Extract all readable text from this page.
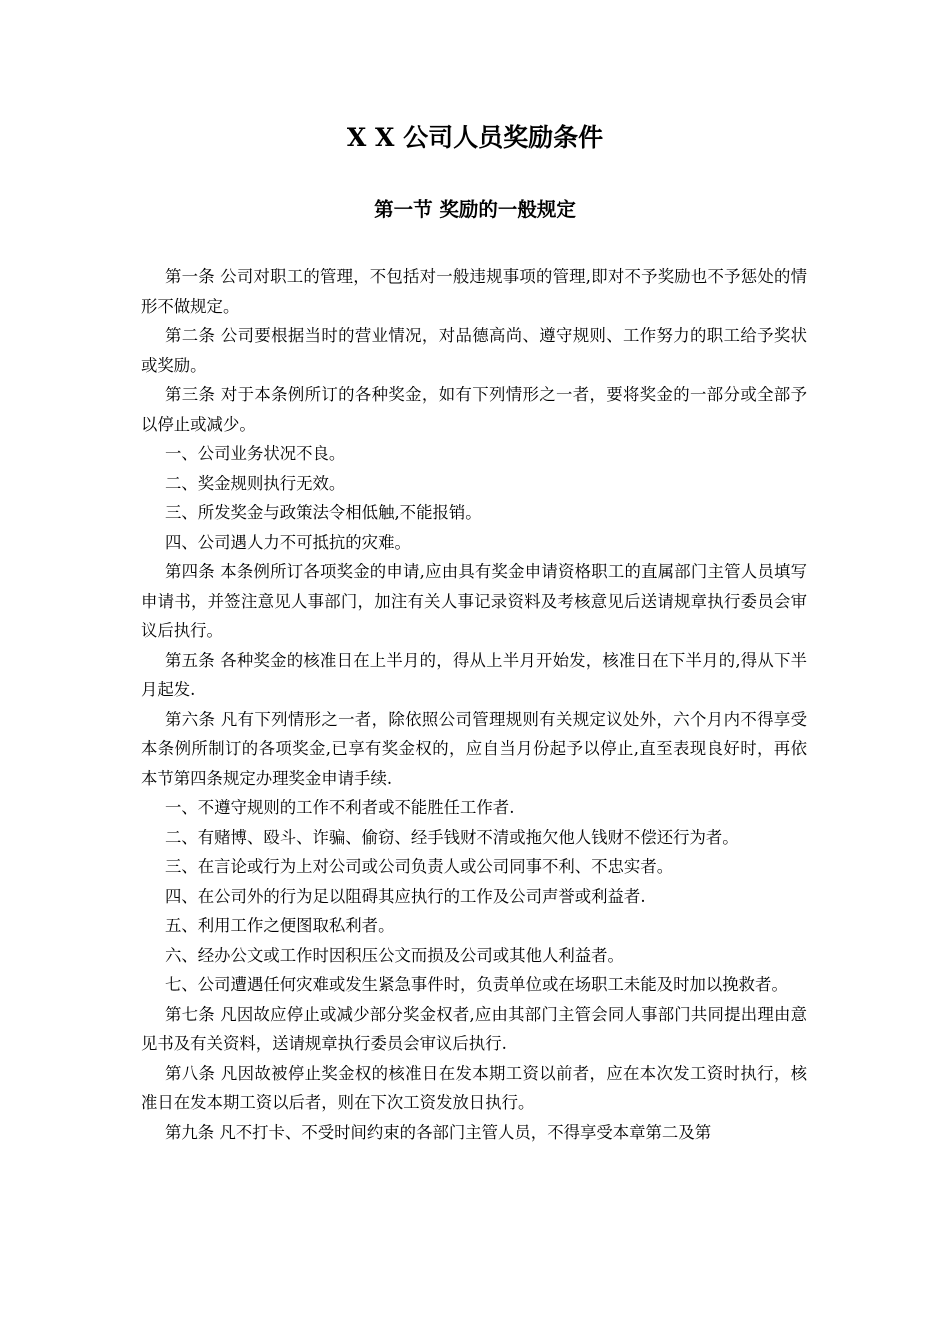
X X 公司人员奖励条件
第一节 奖励的一般规定

第一条 公司对职工的管理，不包括对一般违规事项的管理,即对不予奖励也不予惩处的情形不做规定。

第二条 公司要根据当时的营业情况，对品德高尚、遵守规则、工作努力的职工给予奖状或奖励。

第三条 对于本条例所订的各种奖金，如有下列情形之一者，要将奖金的一部分或全部予以停止或减少。

一、公司业务状况不良。

二、奖金规则执行无效。

三、所发奖金与政策法令相低触,不能报销。

四、公司遇人力不可抵抗的灾难。

第四条 本条例所订各项奖金的申请,应由具有奖金申请资格职工的直属部门主管人员填写申请书，并签注意见人事部门，加注有关人事记录资料及考核意见后送请规章执行委员会审议后执行。

第五条 各种奖金的核准日在上半月的，得从上半月开始发，核准日在下半月的,得从下半月起发.

第六条 凡有下列情形之一者，除依照公司管理规则有关规定议处外，六个月内不得享受本条例所制订的各项奖金,已享有奖金权的，应自当月份起予以停止,直至表现良好时，再依本节第四条规定办理奖金申请手续.

一、不遵守规则的工作不利者或不能胜任工作者.

二、有赌博、殴斗、诈骗、偷窃、经手钱财不清或拖欠他人钱财不偿还行为者。

三、在言论或行为上对公司或公司负责人或公司同事不利、不忠实者。

四、在公司外的行为足以阻碍其应执行的工作及公司声誉或利益者.

五、利用工作之便图取私利者。

六、经办公文或工作时因积压公文而损及公司或其他人利益者。

七、公司遭遇任何灾难或发生紧急事件时，负责单位或在场职工未能及时加以挽救者。

第七条 凡因故应停止或减少部分奖金权者,应由其部门主管会同人事部门共同提出理由意见书及有关资料，送请规章执行委员会审议后执行.

第八条 凡因故被停止奖金权的核准日在发本期工资以前者，应在本次发工资时执行，核准日在发本期工资以后者，则在下次工资发放日执行。

第九条 凡不打卡、不受时间约束的各部门主管人员，不得享受本章第二及第
